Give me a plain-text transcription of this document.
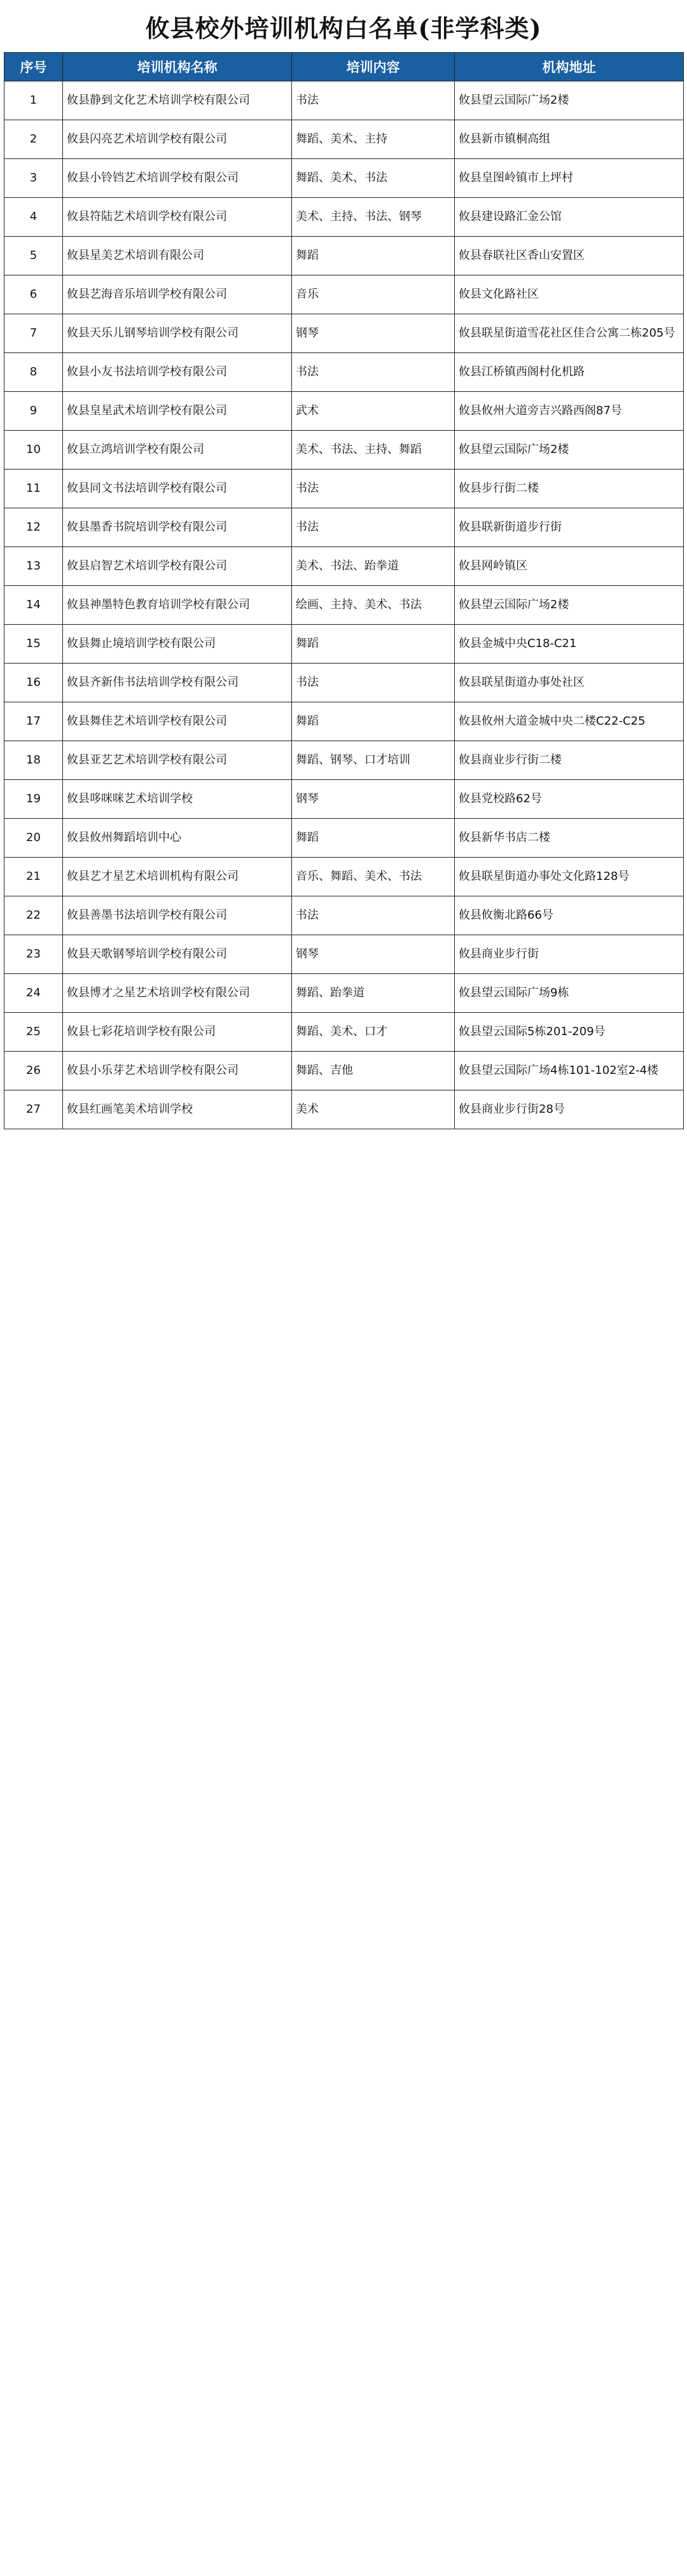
攸县校外培训机构白名单(非学科类)
序号	培训机构名称	培训内容	机构地址
1	攸县静到文化艺术培训学校有限公司	书法	攸县望云国际广场2楼
2	攸县闪亮艺术培训学校有限公司	舞蹈、美术、主持	攸县新市镇桐高组
3	攸县小铃铛艺术培训学校有限公司	舞蹈、美术、书法	攸县皇图岭镇市上坪村
4	攸县符陆艺术培训学校有限公司	美术、主持、书法、钢琴	攸县建设路汇金公馆
5	攸县星美艺术培训有限公司	舞蹈	攸县春联社区香山安置区
6	攸县艺海音乐培训学校有限公司	音乐	攸县文化路社区
7	攸县天乐儿钢琴培训学校有限公司	钢琴	攸县联星街道雪花社区佳合公寓二栋205号
8	攸县小友书法培训学校有限公司	书法	攸县江桥镇西阁村化机路
9	攸县皇星武术培训学校有限公司	武术	攸县攸州大道旁吉兴路西阁87号
10	攸县立鸿培训学校有限公司	美术、书法、主持、舞蹈	攸县望云国际广场2楼
11	攸县同文书法培训学校有限公司	书法	攸县步行街二楼
12	攸县墨香书院培训学校有限公司	书法	攸县联新街道步行街
13	攸县启智艺术培训学校有限公司	美术、书法、跆拳道	攸县网岭镇区
14	攸县神墨特色教育培训学校有限公司	绘画、主持、美术、书法	攸县望云国际广场2楼
15	攸县舞止境培训学校有限公司	舞蹈	攸县金城中央C18-C21
16	攸县齐新伟书法培训学校有限公司	书法	攸县联星街道办事处社区
17	攸县舞佳艺术培训学校有限公司	舞蹈	攸县攸州大道金城中央二楼C22-C25
18	攸县亚艺艺术培训学校有限公司	舞蹈、钢琴、口才培训	攸县商业步行街二楼
19	攸县哆咪咪艺术培训学校	钢琴	攸县党校路62号
20	攸县攸州舞蹈培训中心	舞蹈	攸县新华书店二楼
21	攸县艺才星艺术培训机构有限公司	音乐、舞蹈、美术、书法	攸县联星街道办事处文化路128号
22	攸县善墨书法培训学校有限公司	书法	攸县攸衡北路66号
23	攸县天歌钢琴培训学校有限公司	钢琴	攸县商业步行街
24	攸县博才之星艺术培训学校有限公司	舞蹈、跆拳道	攸县望云国际广场9栋
25	攸县七彩花培训学校有限公司	舞蹈、美术、口才	攸县望云国际5栋201-209号
26	攸县小乐芽艺术培训学校有限公司	舞蹈、吉他	攸县望云国际广场4栋101-102室2-4楼
27	攸县红画笔美术培训学校	美术	攸县商业步行街28号
